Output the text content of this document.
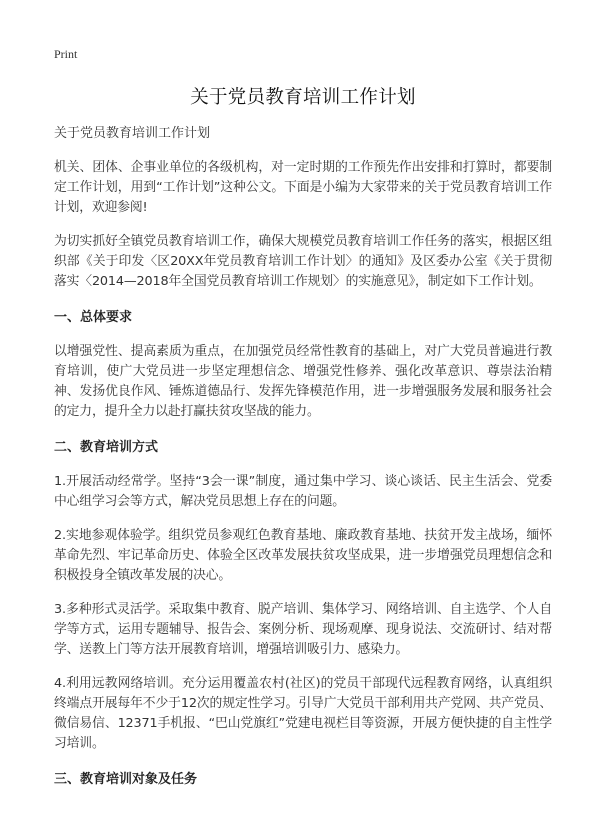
Print
关于党员教育培训工作计划
关于党员教育培训工作计划

机关、团体、企事业单位的各级机构，对一定时期的工作预先作出安排和打算时，都要制定工作计划，用到“工作计划”这种公文。下面是小编为大家带来的关于党员教育培训工作计划，欢迎参阅!

为切实抓好全镇党员教育培训工作，确保大规模党员教育培训工作任务的落实，根据区组织部《关于印发〈区20XX年党员教育培训工作计划〉的通知》及区委办公室《关于贯彻落实〈2014—2018年全国党员教育培训工作规划〉的实施意见》，制定如下工作计划。

一、总体要求

以增强党性、提高素质为重点，在加强党员经常性教育的基础上，对广大党员普遍进行教育培训，使广大党员进一步坚定理想信念、增强党性修养、强化改革意识、尊崇法治精神、发扬优良作风、锤炼道德品行、发挥先锋模范作用，进一步增强服务发展和服务社会的定力，提升全力以赴打赢扶贫攻坚战的能力。

二、教育培训方式

1.开展活动经常学。坚持“3会一课”制度，通过集中学习、谈心谈话、民主生活会、党委中心组学习会等方式，解决党员思想上存在的问题。

2.实地参观体验学。组织党员参观红色教育基地、廉政教育基地、扶贫开发主战场，缅怀革命先烈、牢记革命历史、体验全区改革发展扶贫攻坚成果，进一步增强党员理想信念和积极投身全镇改革发展的决心。

3.多种形式灵活学。采取集中教育、脱产培训、集体学习、网络培训、自主选学、个人自学等方式，运用专题辅导、报告会、案例分析、现场观摩、现身说法、交流研讨、结对帮学、送教上门等方法开展教育培训，增强培训吸引力、感染力。

4.利用远教网络培训。充分运用覆盖农村(社区)的党员干部现代远程教育网络，认真组织终端点开展每年不少于12次的规定性学习。引导广大党员干部利用共产党网、共产党员、微信易信、12371手机报、“巴山党旗红”党建电视栏目等资源，开展方便快捷的自主性学习培训。

三、教育培训对象及任务
